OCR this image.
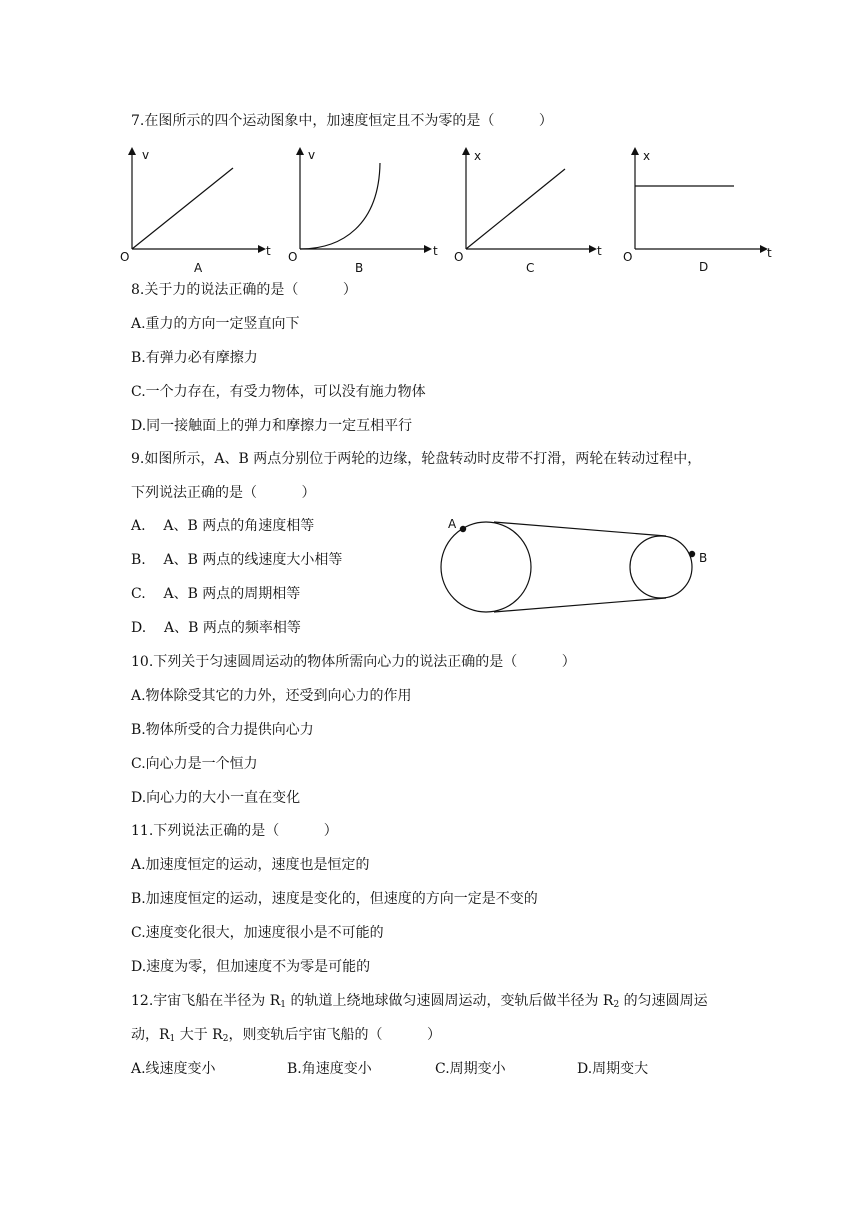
7.在图所示的四个运动图象中，加速度恒定且不为零的是（          ）
v
t
O
A
v
t
O
B
x
t
O
C
x
t
O
D
8.关于力的说法正确的是（          ）
A.重力的方向一定竖直向下
B.有弹力必有摩擦力
C.一个力存在，有受力物体，可以没有施力物体
D.同一接触面上的弹力和摩擦力一定互相平行
9.如图所示，A、B 两点分别位于两轮的边缘，轮盘转动时皮带不打滑，两轮在转动过程中，
下列说法正确的是（          ）
A.    A、B 两点的角速度相等
B.    A、B 两点的线速度大小相等
C.    A、B 两点的周期相等
D.    A、B 两点的频率相等
A
B
10.下列关于匀速圆周运动的物体所需向心力的说法正确的是（          ）
A.物体除受其它的力外，还受到向心力的作用
B.物体所受的合力提供向心力
C.向心力是一个恒力
D.向心力的大小一直在变化
11.下列说法正确的是（          ）
A.加速度恒定的运动，速度也是恒定的
B.加速度恒定的运动，速度是变化的，但速度的方向一定是不变的
C.速度变化很大，加速度很小是不可能的
D.速度为零，但加速度不为零是可能的
12.宇宙飞船在半径为 $R_1$ 的轨道上绕地球做匀速圆周运动，变轨后做半径为 $R_2$ 的匀速圆周运
动，$R_1$ 大于 $R_2$，则变轨后宇宙飞船的（          ）
A.线速度变小	B.角速度变小	C.周期变小	D.周期变大
